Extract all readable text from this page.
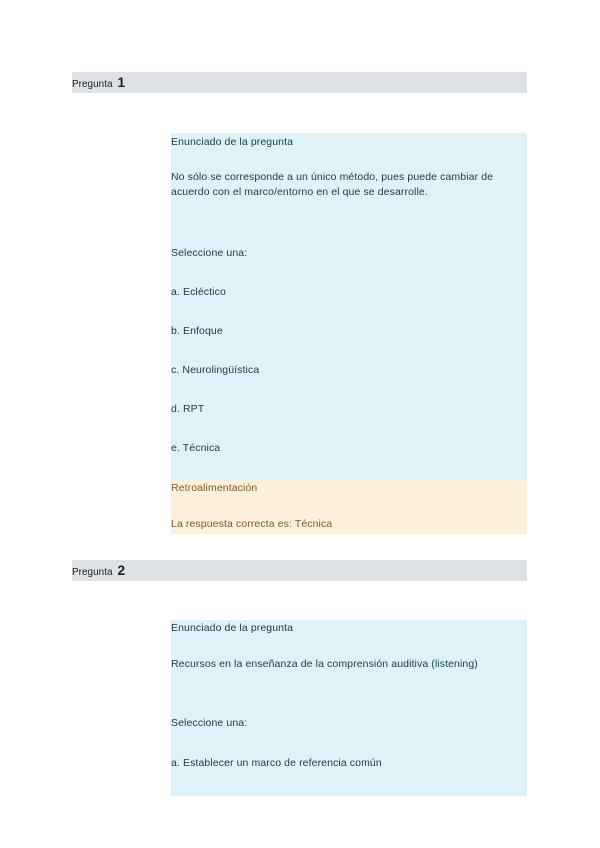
Pregunta 1
Enunciado de la pregunta
No sólo se corresponde a un único método, pues puede cambiar de acuerdo con el marco/entorno en el que se desarrolle.
Seleccione una:
a. Ecléctico
b. Enfoque
c. Neurolingüística
d. RPT
e. Técnica
Retroalimentación
La respuesta correcta es: Técnica
Pregunta 2
Enunciado de la pregunta
Recursos en la enseñanza de la comprensión auditiva (listening)
Seleccione una:
a. Establecer un marco de referencia común
